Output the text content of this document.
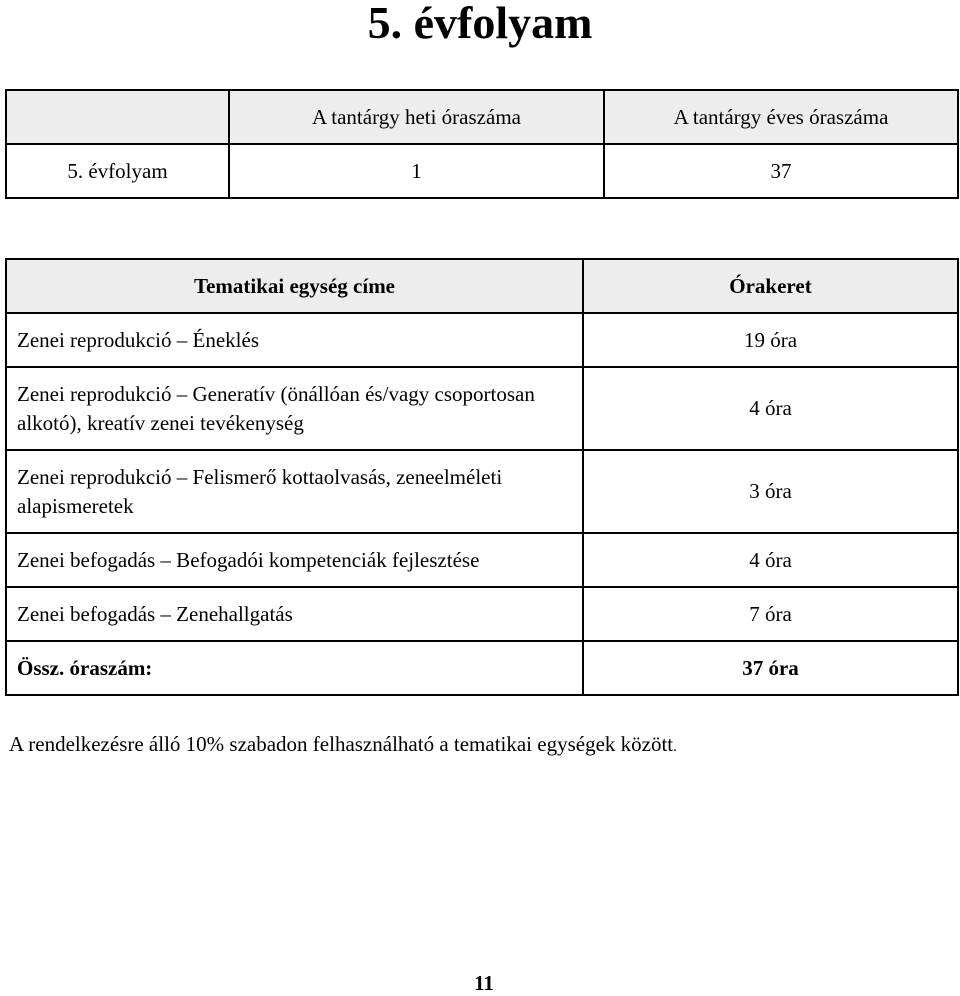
5. évfolyam
	A tantárgy heti óraszáma	A tantárgy éves óraszáma
5. évfolyam	1	37
Tematikai egység címe	Órakeret
Zenei reprodukció – Éneklés	19 óra
Zenei reprodukció – Generatív (önállóan és/vagy csoportosan alkotó), kreatív zenei tevékenység	4 óra
Zenei reprodukció – Felismerő kottaolvasás, zeneelméleti alapismeretek	3 óra
Zenei befogadás – Befogadói kompetenciák fejlesztése	4 óra
Zenei befogadás – Zenehallgatás	7 óra
Össz. óraszám:	37 óra
A rendelkezésre álló 10% szabadon felhasználható a tematikai egységek között.
11
